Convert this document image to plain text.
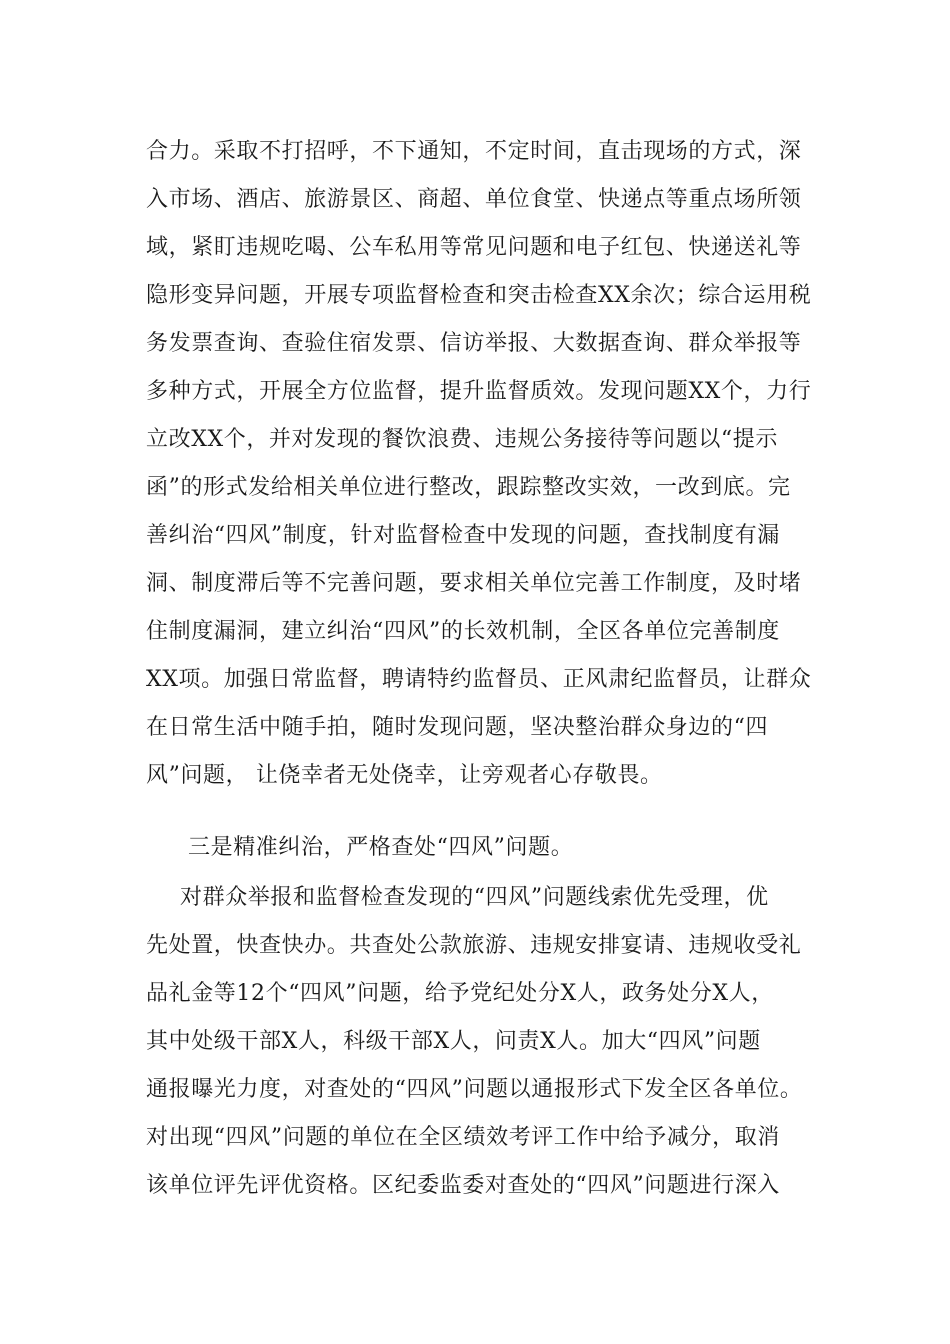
合力。采取不打招呼，不下通知，不定时间，直击现场的方式，深
入市场、酒店、旅游景区、商超、单位食堂、快递点等重点场所领
域，紧盯违规吃喝、公车私用等常见问题和电子红包、快递送礼等
隐形变异问题，开展专项监督检查和突击检查XX余次；综合运用税
务发票查询、查验住宿发票、信访举报、大数据查询、群众举报等
多种方式，开展全方位监督，提升监督质效。发现问题XX个，力行
立改XX个，并对发现的餐饮浪费、违规公务接待等问题以“提示
函”的形式发给相关单位进行整改，跟踪整改实效，一改到底。完
善纠治“四风”制度，针对监督检查中发现的问题，查找制度有漏
洞、制度滞后等不完善问题，要求相关单位完善工作制度，及时堵
住制度漏洞，建立纠治“四风”的长效机制，全区各单位完善制度
XX项。加强日常监督，聘请特约监督员、正风肃纪监督员，让群众
在日常生活中随手拍，随时发现问题，坚决整治群众身边的“四
风”问题， 让侥幸者无处侥幸，让旁观者心存敬畏。
三是精准纠治，严格查处“四风”问题。
对群众举报和监督检查发现的“四风”问题线索优先受理，优
先处置，快查快办。共查处公款旅游、违规安排宴请、违规收受礼
品礼金等12个“四风”问题，给予党纪处分X人，政务处分X人，
其中处级干部X人，科级干部X人，问责X人。加大“四风”问题
通报曝光力度，对查处的“四风”问题以通报形式下发全区各单位。
对出现“四风”问题的单位在全区绩效考评工作中给予减分，取消
该单位评先评优资格。区纪委监委对查处的“四风”问题进行深入
